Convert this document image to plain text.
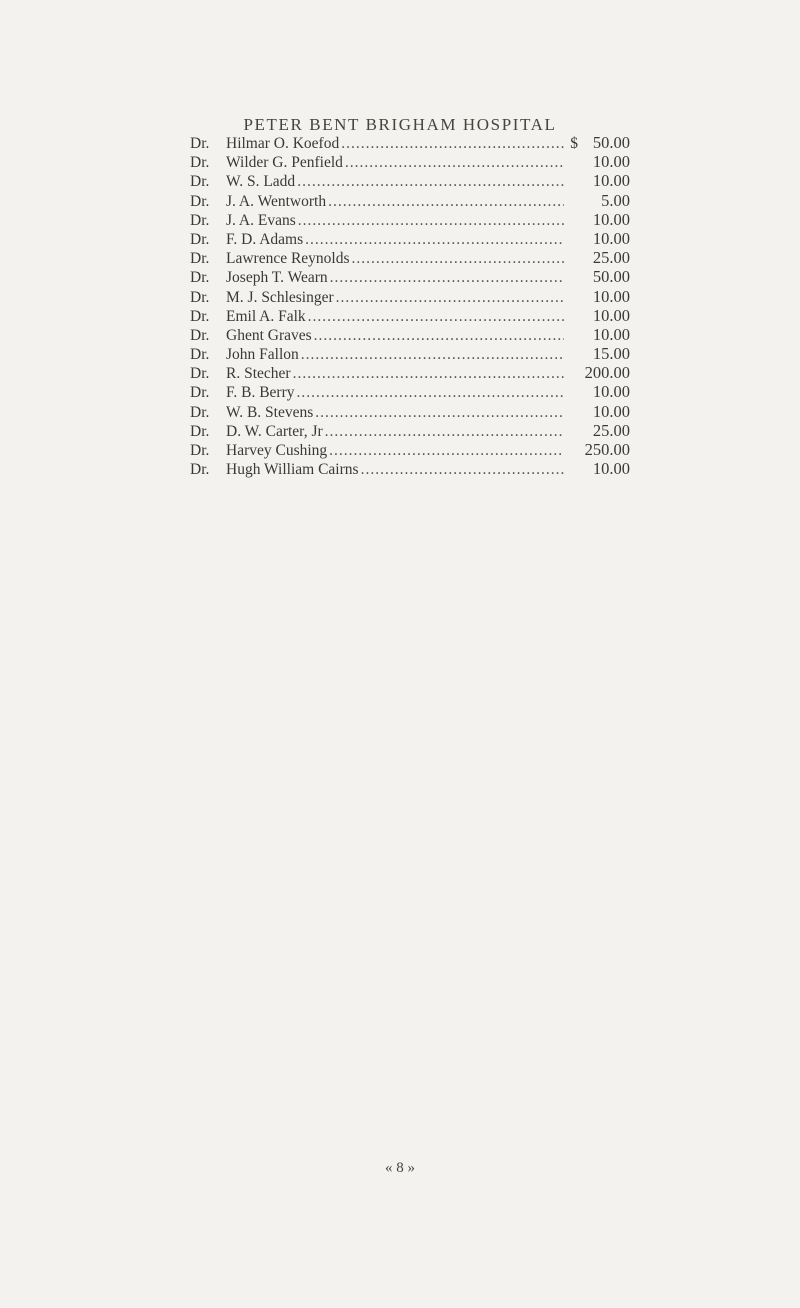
PETER BENT BRIGHAM HOSPITAL
Dr.	Hilmar O. Koefod .....	$ 50.00
Dr.	Wilder G. Penfield .....	10.00
Dr.	W. S. Ladd .....	10.00
Dr.	J. A. Wentworth .....	5.00
Dr.	J. A. Evans .....	10.00
Dr.	F. D. Adams .....	10.00
Dr.	Lawrence Reynolds .....	25.00
Dr.	Joseph T. Wearn .....	50.00
Dr.	M. J. Schlesinger .....	10.00
Dr.	Emil A. Falk .....	10.00
Dr.	Ghent Graves .....	10.00
Dr.	John Fallon .....	15.00
Dr.	R. Stecher .....	200.00
Dr.	F. B. Berry .....	10.00
Dr.	W. B. Stevens .....	10.00
Dr.	D. W. Carter, Jr .....	25.00
Dr.	Harvey Cushing .....	250.00
Dr.	Hugh William Cairns .....	10.00
« 8 »
